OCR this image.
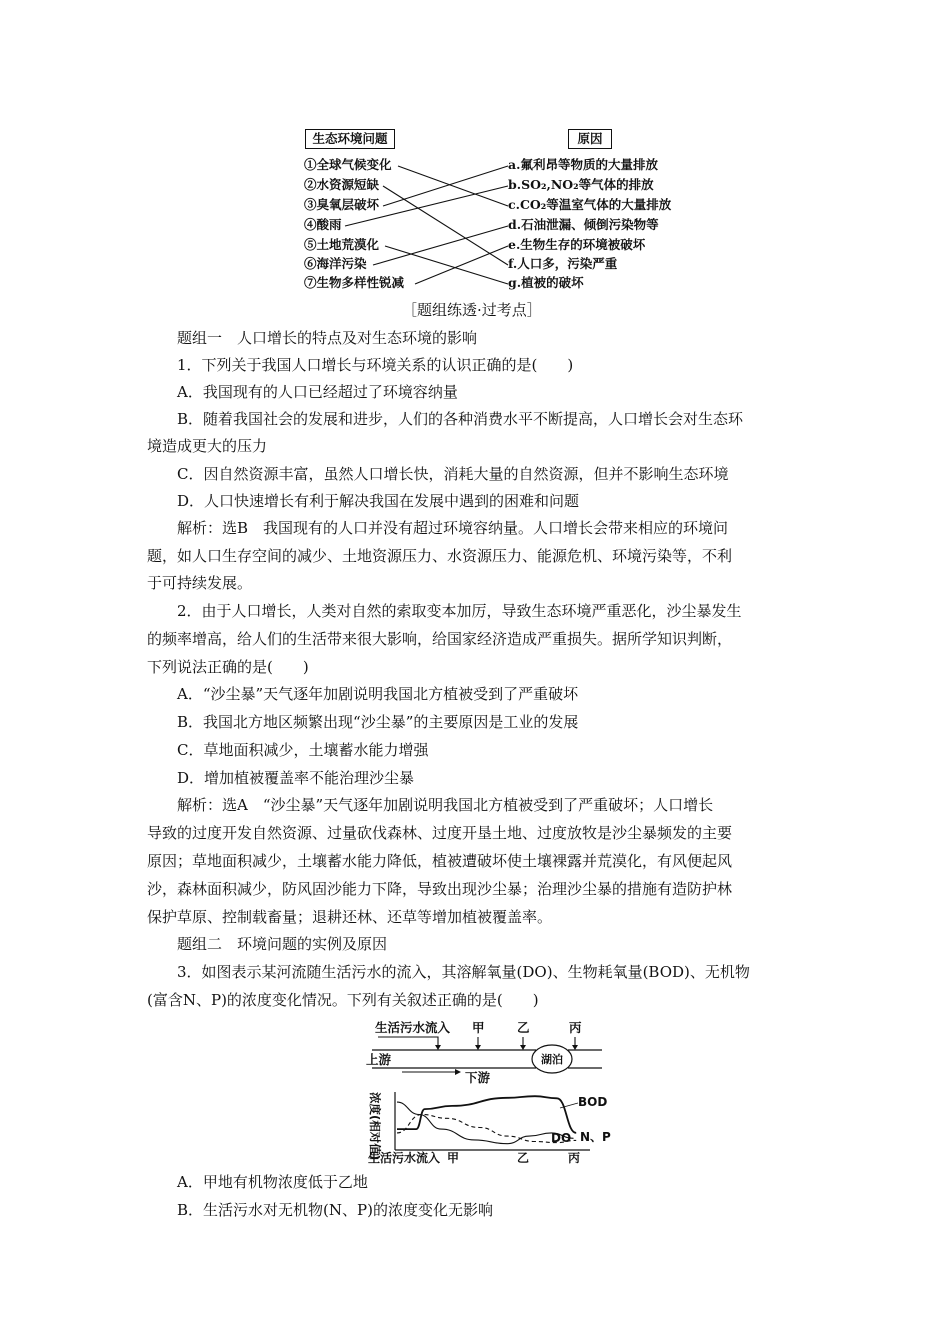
生态环境问题	原因
①全球气候变化
②水资源短缺
③臭氧层破坏
④酸雨
⑤土地荒漠化
⑥海洋污染
⑦生物多样性锐减
a.氟利昂等物质的大量排放
b.SO₂,NO₂等气体的排放
c.CO₂等温室气体的大量排放
d.石油泄漏、倾倒污染物等
e.生物生存的环境被破坏
f.人口多，污染严重
g.植被的破坏
［题组练透·过考点］
题组一　人口增长的特点及对生态环境的影响
1．下列关于我国人口增长与环境关系的认识正确的是(　　)
A．我国现有的人口已经超过了环境容纳量
B．随着我国社会的发展和进步，人们的各种消费水平不断提高，人口增长会对生态环
境造成更大的压力
C．因自然资源丰富，虽然人口增长快，消耗大量的自然资源，但并不影响生态环境
D．人口快速增长有利于解决我国在发展中遇到的困难和问题
解析：选B　我国现有的人口并没有超过环境容纳量。人口增长会带来相应的环境问
题，如人口生存空间的减少、土地资源压力、水资源压力、能源危机、环境污染等，不利
于可持续发展。
2．由于人口增长，人类对自然的索取变本加厉，导致生态环境严重恶化，沙尘暴发生
的频率增高，给人们的生活带来很大影响，给国家经济造成严重损失。据所学知识判断，
下列说法正确的是(　　)
A．“沙尘暴”天气逐年加剧说明我国北方植被受到了严重破坏
B．我国北方地区频繁出现“沙尘暴”的主要原因是工业的发展
C．草地面积减少，土壤蓄水能力增强
D．增加植被覆盖率不能治理沙尘暴
解析：选A　“沙尘暴”天气逐年加剧说明我国北方植被受到了严重破坏；人口增长
导致的过度开发自然资源、过量砍伐森林、过度开垦土地、过度放牧是沙尘暴频发的主要
原因；草地面积减少，土壤蓄水能力降低，植被遭破坏使土壤裸露并荒漠化，有风便起风
沙，森林面积减少，防风固沙能力下降，导致出现沙尘暴；治理沙尘暴的措施有造防护林
保护草原、控制载畜量；退耕还林、还草等增加植被覆盖率。
题组二　环境问题的实例及原因
3．如图表示某河流随生活污水的流入，其溶解氧量(DO)、生物耗氧量(BOD)、无机物
(富含N、P)的浓度变化情况。下列有关叙述正确的是(　　)
生活污水流入 甲	乙	丙
湖泊
上游
下游
浓度(相对值)
生活污水流入 甲	乙	丙
BOD
DO N、P
A．甲地有机物浓度低于乙地
B．生活污水对无机物(N、P)的浓度变化无影响
